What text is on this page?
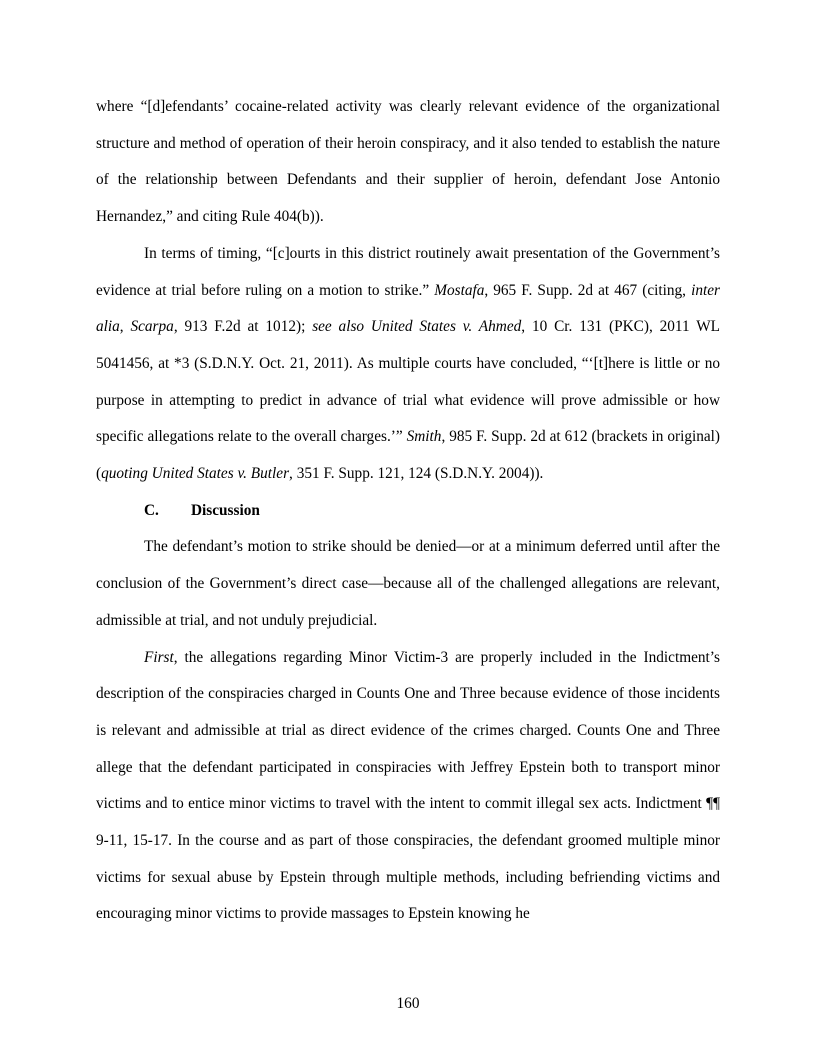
where “[d]efendants’ cocaine-related activity was clearly relevant evidence of the organizational structure and method of operation of their heroin conspiracy, and it also tended to establish the nature of the relationship between Defendants and their supplier of heroin, defendant Jose Antonio Hernandez,” and citing Rule 404(b)).

In terms of timing, “[c]ourts in this district routinely await presentation of the Government’s evidence at trial before ruling on a motion to strike.” Mostafa, 965 F. Supp. 2d at 467 (citing, inter alia, Scarpa, 913 F.2d at 1012); see also United States v. Ahmed, 10 Cr. 131 (PKC), 2011 WL 5041456, at *3 (S.D.N.Y. Oct. 21, 2011). As multiple courts have concluded, “‘[t]here is little or no purpose in attempting to predict in advance of trial what evidence will prove admissible or how specific allegations relate to the overall charges.’” Smith, 985 F. Supp. 2d at 612 (brackets in original) (quoting United States v. Butler, 351 F. Supp. 121, 124 (S.D.N.Y. 2004)).

C. Discussion

The defendant’s motion to strike should be denied—or at a minimum deferred until after the conclusion of the Government’s direct case—because all of the challenged allegations are relevant, admissible at trial, and not unduly prejudicial.

First, the allegations regarding Minor Victim-3 are properly included in the Indictment’s description of the conspiracies charged in Counts One and Three because evidence of those incidents is relevant and admissible at trial as direct evidence of the crimes charged. Counts One and Three allege that the defendant participated in conspiracies with Jeffrey Epstein both to transport minor victims and to entice minor victims to travel with the intent to commit illegal sex acts. Indictment ¶¶ 9-11, 15-17. In the course and as part of those conspiracies, the defendant groomed multiple minor victims for sexual abuse by Epstein through multiple methods, including befriending victims and encouraging minor victims to provide massages to Epstein knowing he

160
